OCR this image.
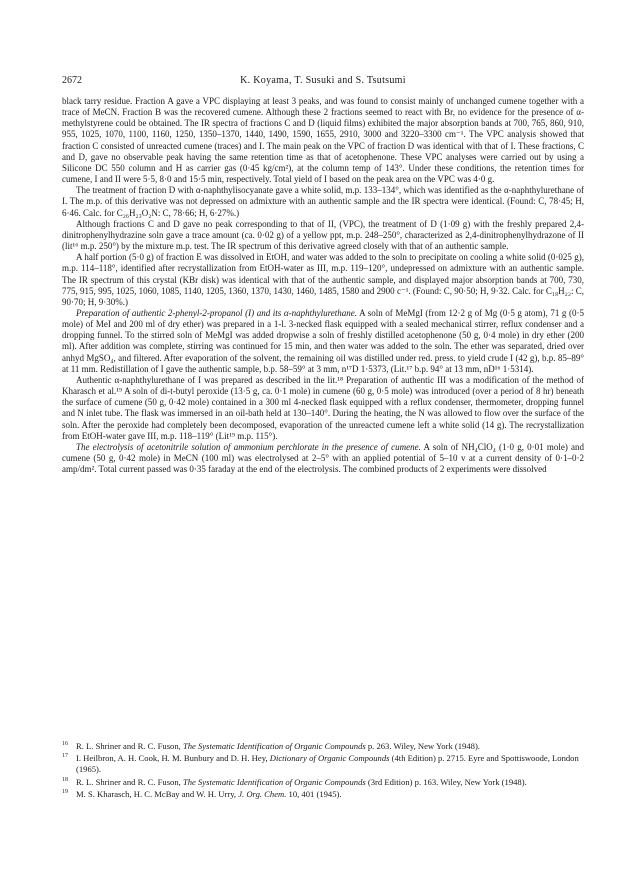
2672	K. Koyama, T. Susuki and S. Tsutsumi

black tarry residue. Fraction A gave a VPC displaying at least 3 peaks, and was found to consist mainly of unchanged cumene together with a trace of MeCN. Fraction B was the recovered cumene. Although these 2 fractions seemed to react with Br, no evidence for the presence of α-methylstyrene could be obtained. The IR spectra of fractions C and D (liquid films) exhibited the major absorption bands at 700, 765, 860, 910, 955, 1025, 1070, 1100, 1160, 1250, 1350–1370, 1440, 1490, 1590, 1655, 2910, 3000 and 3220–3300 cm⁻¹. The VPC analysis showed that fraction C consisted of unreacted cumene (traces) and I. The main peak on the VPC of fraction D was identical with that of I. These fractions, C and D, gave no observable peak having the same retention time as that of acetophenone. These VPC analyses were carried out by using a Silicone DC 550 column and H as carrier gas (0·45 kg/cm²), at the column temp of 143°. Under these conditions, the retention times for cumene, I and II were 5·5, 8·0 and 15·5 min, respectively. Total yield of I based on the peak area on the VPC was 4·0 g.

The treatment of fraction D with α-naphthylisocyanate gave a white solid, m.p. 133–134°, which was identified as the α-naphthylurethane of I. The m.p. of this derivative was not depressed on admixture with an authentic sample and the IR spectra were identical. (Found: C, 78·45; H, 6·46. Calc. for C₂₆H₂₃O₂N: C, 78·66; H, 6·27%.)

Although fractions C and D gave no peak corresponding to that of II, (VPC), the treatment of D (1·09 g) with the freshly prepared 2,4-dinitrophenylhydrazine soln gave a trace amount (ca. 0·02 g) of a yellow ppt, m.p. 248–250°, characterized as 2,4-dinitrophenylhydrazone of II (lit¹⁶ m.p. 250°) by the mixture m.p. test. The IR spectrum of this derivative agreed closely with that of an authentic sample.

A half portion (5·0 g) of fraction E was dissolved in EtOH, and water was added to the soln to precipitate on cooling a white solid (0·025 g), m.p. 114–118°, identified after recrystallization from EtOH-water as III, m.p. 119–120°, undepressed on admixture with an authentic sample. The IR spectrum of this crystal (KBr disk) was identical with that of the authentic sample, and displayed major absorption bands at 700, 730, 775, 915, 995, 1025, 1060, 1085, 1140, 1205, 1360, 1370, 1430, 1460, 1485, 1580 and 2900 c⁻¹. (Found: C, 90·50; H, 9·32. Calc. for C₁₈H₂₂: C, 90·70; H, 9·30%.)

Preparation of authentic 2-phenyl-2-propanol (I) and its α-naphthylurethane. A soln of MeMgI (from 12·2 g of Mg (0·5 g atom), 71 g (0·5 mole) of MeI and 200 ml of dry ether) was prepared in a 1-l. 3-necked flask equipped with a sealed mechanical stirrer, reflux condenser and a dropping funnel. To the stirred soln of MeMgI was added dropwise a soln of freshly distilled acetophenone (50 g, 0·4 mole) in dry ether (200 ml). After addition was complete, stirring was continued for 15 min, and then water was added to the soln. The ether was separated, dried over anhyd MgSO₄, and filtered. After evaporation of the solvent, the remaining oil was distilled under red. press. to yield crude I (42 g), b.p. 85–89° at 11 mm. Redistillation of I gave the authentic sample, b.p. 58–59° at 3 mm, n¹⁷D 1·5373, (Lit.¹⁷ b.p. 94° at 13 mm, nD¹⁶ 1·5314).

Authentic α-naphthylurethane of I was prepared as described in the lit.¹⁸ Preparation of authentic III was a modification of the method of Kharasch et al.¹⁹ A soln of di-t-butyl peroxide (13·5 g, ca. 0·1 mole) in cumene (60 g, 0·5 mole) was introduced (over a period of 8 hr) beneath the surface of cumene (50 g, 0·42 mole) contained in a 300 ml 4-necked flask equipped with a reflux condenser, thermometer, dropping funnel and N inlet tube. The flask was immersed in an oil-bath held at 130–140°. During the heating, the N was allowed to flow over the surface of the soln. After the peroxide had completely been decomposed, evaporation of the unreacted cumene left a white solid (14 g). The recrystallization from EtOH-water gave III, m.p. 118–119° (Lit¹⁹ m.p. 115°).

The electrolysis of acetonitrile solution of ammonium perchlorate in the presence of cumene. A soln of NH₄ClO₄ (1·0 g, 0·01 mole) and cumene (50 g, 0·42 mole) in MeCN (100 ml) was electrolysed at 2–5° with an applied potential of 5–10 v at a current density of 0·1–0·2 amp/dm². Total current passed was 0·35 faraday at the end of the electrolysis. The combined products of 2 experiments were dissolved

16 R. L. Shriner and R. C. Fuson, The Systematic Identification of Organic Compounds p. 263. Wiley, New York (1948).
17 I. Heilbron, A. H. Cook, H. M. Bunbury and D. H. Hey, Dictionary of Organic Compounds (4th Edition) p. 2715. Eyre and Spottiswoode, London (1965).
18 R. L. Shriner and R. C. Fuson, The Systematic Identification of Organic Compounds (3rd Edition) p. 163. Wiley, New York (1948).
19 M. S. Kharasch, H. C. McBay and W. H. Urry, J. Org. Chem. 10, 401 (1945).
